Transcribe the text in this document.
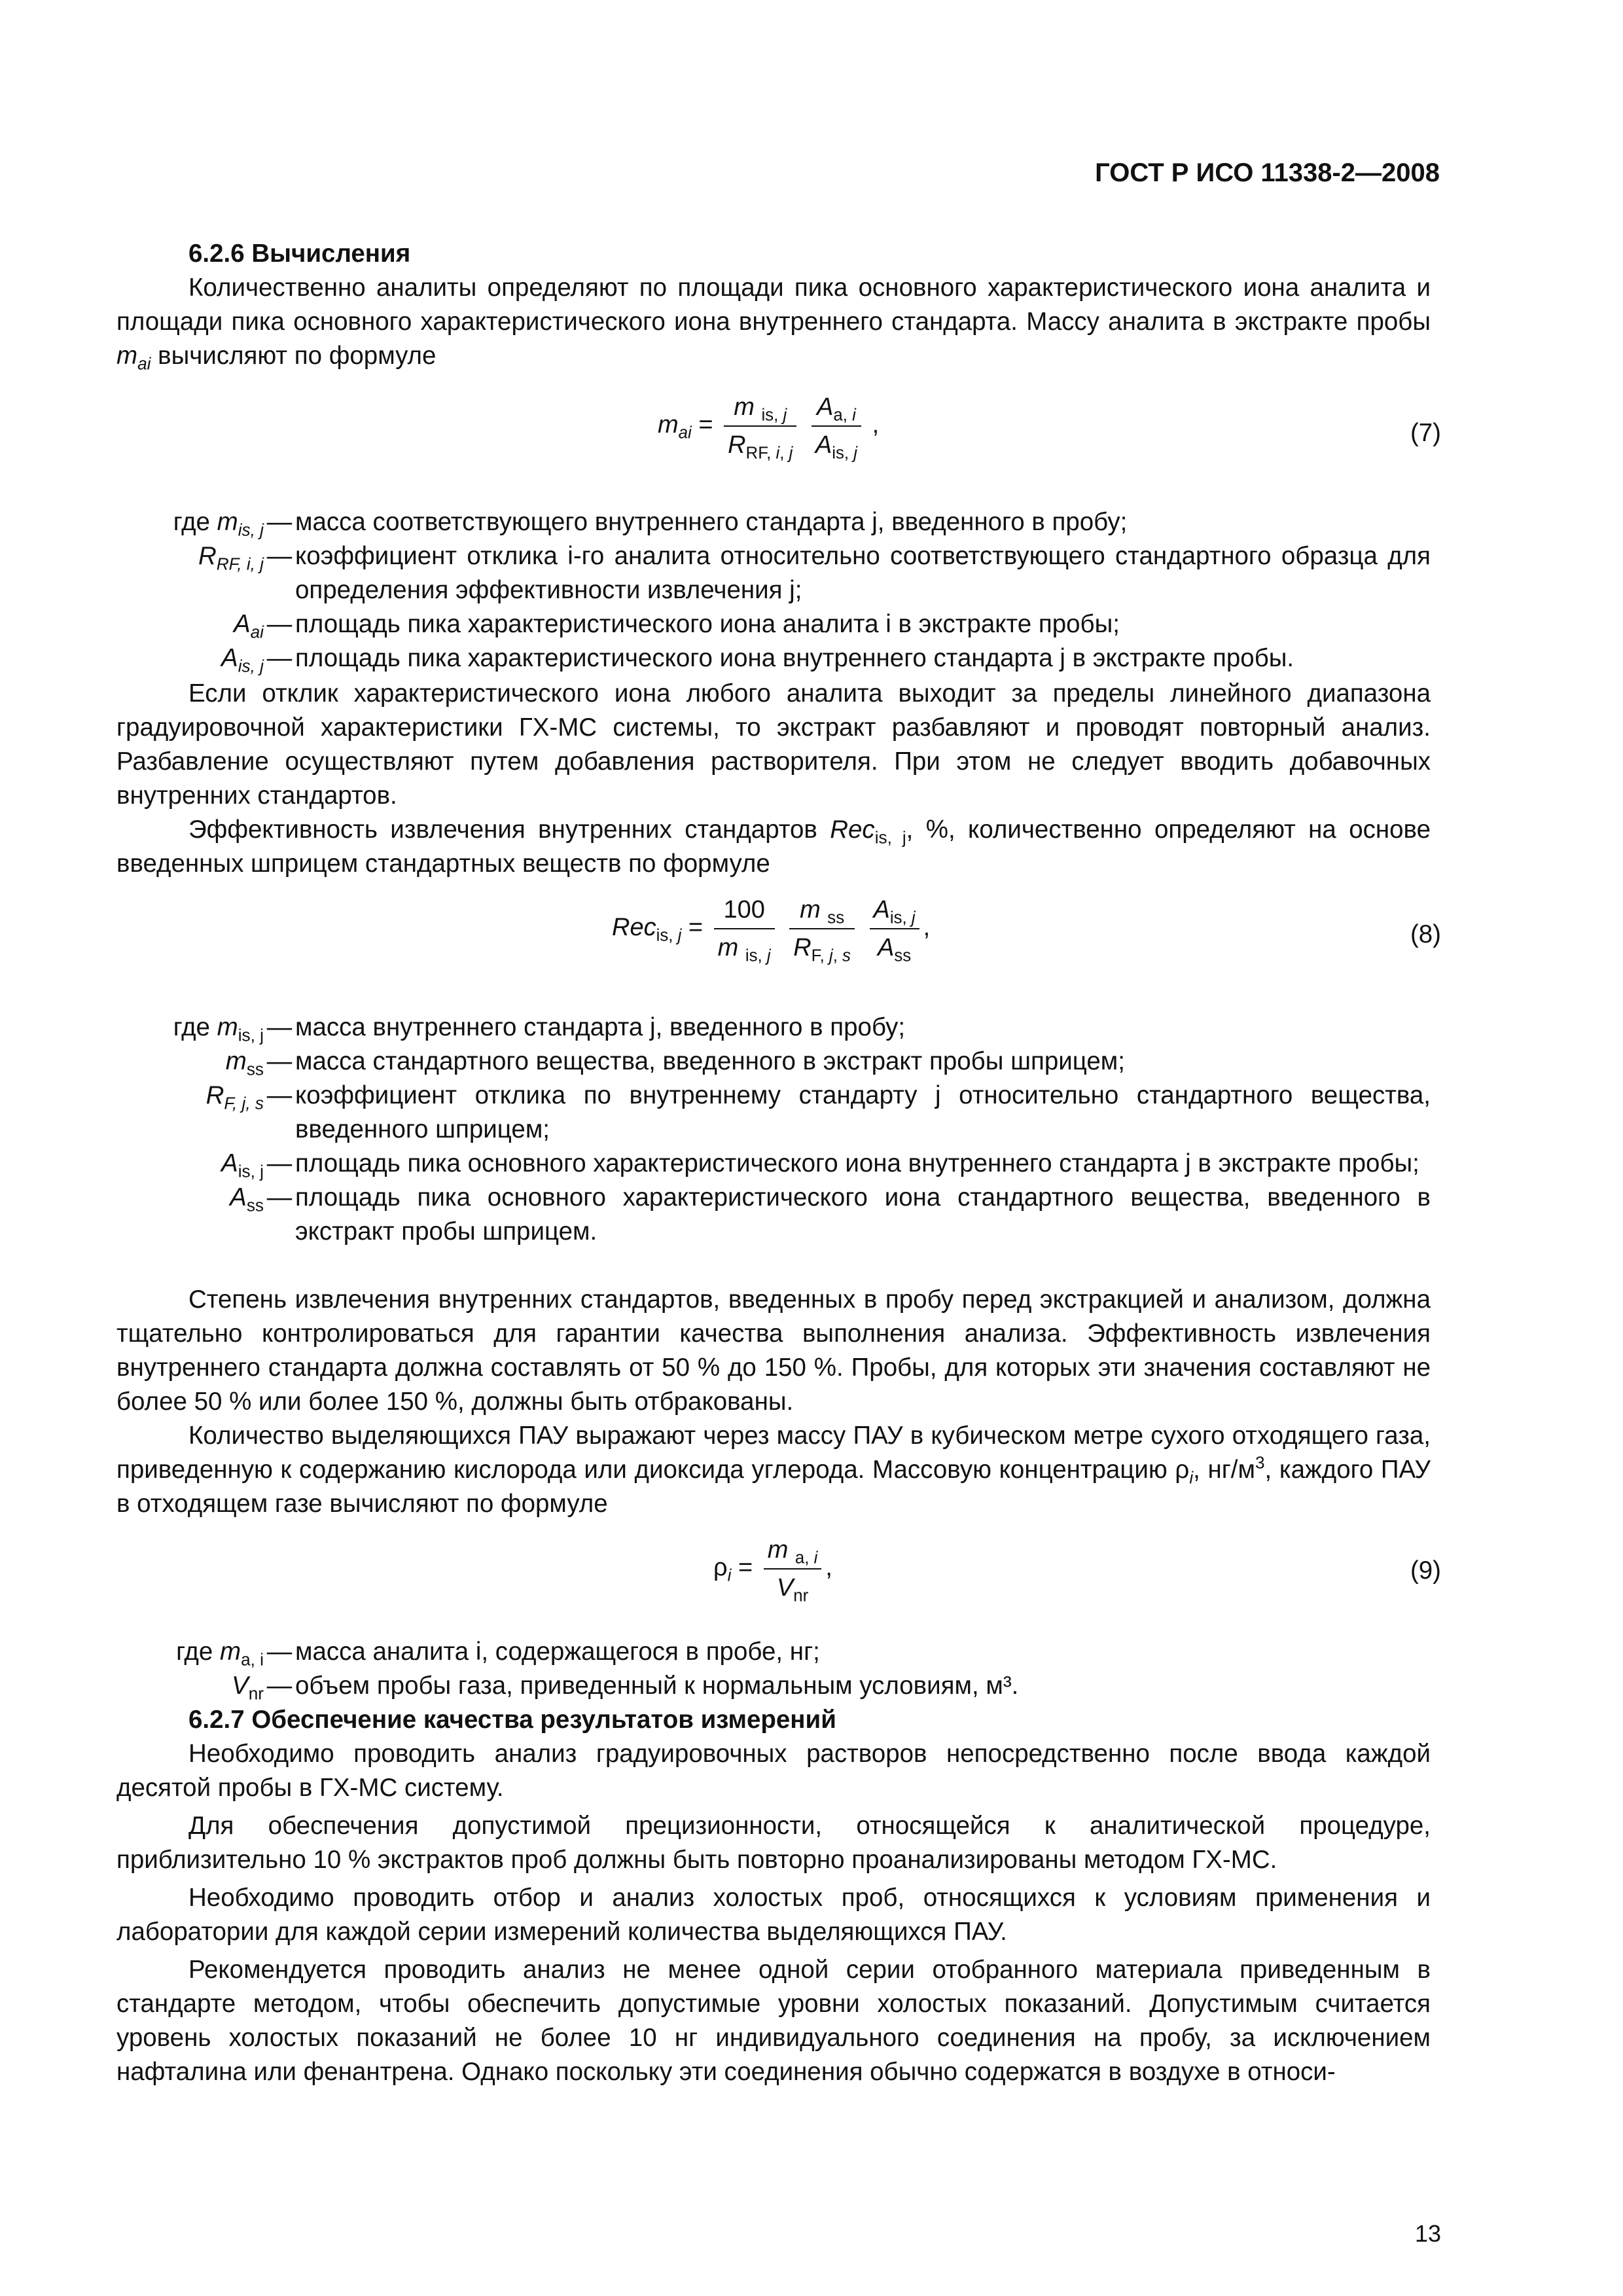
ГОСТ Р ИСО 11338-2—2008
6.2.6 Вычисления
Количественно аналиты определяют по площади пика основного характеристического иона аналита и площади пика основного характеристического иона внутреннего стандарта. Массу аналита в экстракте пробы $m_{ai}$ вычисляют по формуле
$m_{ai} = \frac{m _{is, j}}{R_{RF, i, j}}$
$\frac{A_{a, i}}{A_{is, j}}$ ,	(7)
где $m_{is, j}$ — масса соответствующего внутреннего стандарта j, введенного в пробу;
$R_{RF, i, j}$ — коэффициент отклика i-го аналита относительно соответствующего стандартного образца для определения эффективности извлечения j;
$A_{ai}$ — площадь пика характеристического иона аналита i в экстракте пробы;
$A_{is, j}$ — площадь пика характеристического иона внутреннего стандарта j в экстракте пробы.
Если отклик характеристического иона любого аналита выходит за пределы линейного диапазона градуировочной характеристики ГХ-МС системы, то экстракт разбавляют и проводят повторный анализ. Разбавление осуществляют путем добавления растворителя. При этом не следует вводить добавочных внутренних стандартов.
Эффективность извлечения внутренних стандартов Rec$_{is, j}$, %, количественно определяют на основе введенных шприцем стандартных веществ по формуле
$Rec_{is, j} = \frac{100}{m _{is, j}}$
$\frac{m _{ss}}{R_{F, j, s}}$
$\frac{A_{is, j}}{A_{ss}}$ ,	(8)
где $m_{is, j}$ — масса внутреннего стандарта j, введенного в пробу;
$m_{ss}$ — масса стандартного вещества, введенного в экстракт пробы шприцем;
$R_{F, j, s}$ — коэффициент отклика по внутреннему стандарту j относительно стандартного вещества, введенного шприцем;
$A_{is, j}$ — площадь пика основного характеристического иона внутреннего стандарта j в экстракте пробы;
$A_{ss}$ — площадь пика основного характеристического иона стандартного вещества, введенного в экстракт пробы шприцем.
Степень извлечения внутренних стандартов, введенных в пробу перед экстракцией и анализом, должна тщательно контролироваться для гарантии качества выполнения анализа. Эффективность извлечения внутреннего стандарта должна составлять от 50 % до 150 %. Пробы, для которых эти значения составляют не более 50 % или более 150 %, должны быть отбракованы.
Количество выделяющихся ПАУ выражают через массу ПАУ в кубическом метре сухого отходящего газа, приведенную к содержанию кислорода или диоксида углерода. Массовую концентрацию $\rho_i$, $нг/м^3$, каждого ПАУ в отходящем газе вычисляют по формуле
$\rho_i = \frac{m _{a, i}}{V_{nr}}$ ,	(9)
где $m_{a, i}$ — масса аналита i, содержащегося в пробе, нг;
$V_{nr}$ — объем пробы газа, приведенный к нормальным условиям, м³.
6.2.7 Обеспечение качества результатов измерений
Необходимо проводить анализ градуировочных растворов непосредственно после ввода каждой десятой пробы в ГХ-МС систему.
Для обеспечения допустимой прецизионности, относящейся к аналитической процедуре, приблизительно 10 % экстрактов проб должны быть повторно проанализированы методом ГХ-МС.
Необходимо проводить отбор и анализ холостых проб, относящихся к условиям применения и лаборатории для каждой серии измерений количества выделяющихся ПАУ.
Рекомендуется проводить анализ не менее одной серии отобранного материала приведенным в стандарте методом, чтобы обеспечить допустимые уровни холостых показаний. Допустимым считается уровень холостых показаний не более 10 нг индивидуального соединения на пробу, за исключением нафталина или фенантрена. Однако поскольку эти соединения обычно содержатся в воздухе в относи-
13
